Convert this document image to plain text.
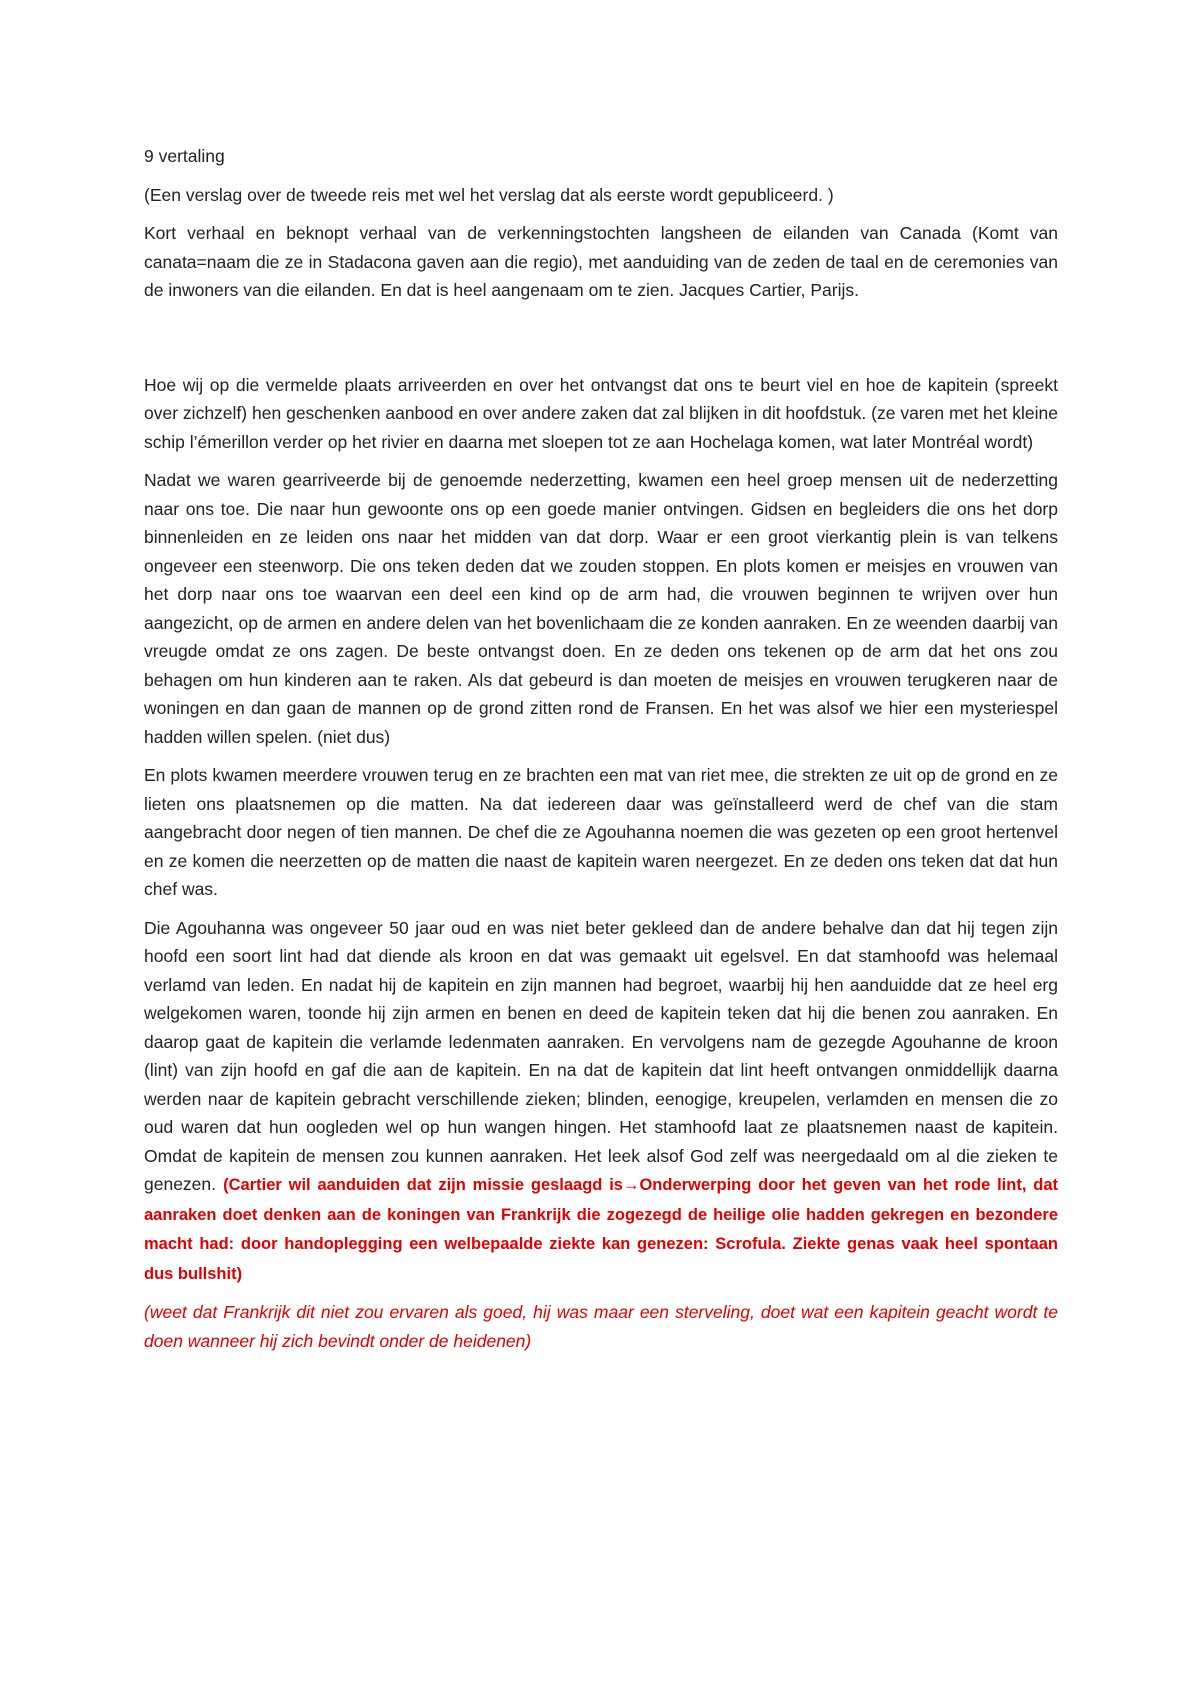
9 vertaling

(Een verslag over de tweede reis met wel het verslag dat als eerste wordt gepubliceerd. )

Kort verhaal en beknopt verhaal van de verkenningstochten langsheen de eilanden van Canada (Komt van canata=naam die ze in Stadacona gaven aan die regio), met aanduiding van de zeden de taal en de ceremonies van de inwoners van die eilanden. En dat is heel aangenaam om te zien. Jacques Cartier, Parijs.

Hoe wij op die vermelde plaats arriveerden en over het ontvangst dat ons te beurt viel en hoe de kapitein (spreekt over zichzelf) hen geschenken aanbood en over andere zaken dat zal blijken in dit hoofdstuk. (ze varen met het kleine schip l’émerillon verder op het rivier en daarna met sloepen tot ze aan Hochelaga komen, wat later Montréal wordt)

Nadat we waren gearriveerde bij de genoemde nederzetting, kwamen een heel groep mensen uit de nederzetting naar ons toe. Die naar hun gewoonte ons op een goede manier ontvingen. Gidsen en begleiders die ons het dorp binnenleiden en ze leiden ons naar het midden van dat dorp. Waar er een groot vierkantig plein is van telkens ongeveer een steenworp. Die ons teken deden dat we zouden stoppen. En plots komen er meisjes en vrouwen van het dorp naar ons toe waarvan een deel een kind op de arm had, die vrouwen beginnen te wrijven over hun aangezicht, op de armen en andere delen van het bovenlichaam die ze konden aanraken. En ze weenden daarbij van vreugde omdat ze ons zagen. De beste ontvangst doen. En ze deden ons tekenen op de arm dat het ons zou behagen om hun kinderen aan te raken. Als dat gebeurd is dan moeten de meisjes en vrouwen terugkeren naar de woningen en dan gaan de mannen op de grond zitten rond de Fransen. En het was alsof we hier een mysteriespel hadden willen spelen. (niet dus)

En plots kwamen meerdere vrouwen terug en ze brachten een mat van riet mee, die strekten ze uit op de grond en ze lieten ons plaatsnemen op die matten. Na dat iedereen daar was geïnstalleerd werd de chef van die stam aangebracht door negen of tien mannen. De chef die ze Agouhanna noemen die was gezeten op een groot hertenvel en ze komen die neerzetten op de matten die naast de kapitein waren neergezet. En ze deden ons teken dat dat hun chef was.

Die Agouhanna was ongeveer 50 jaar oud en was niet beter gekleed dan de andere behalve dan dat hij tegen zijn hoofd een soort lint had dat diende als kroon en dat was gemaakt uit egelsvel. En dat stamhoofd was helemaal verlamd van leden. En nadat hij de kapitein en zijn mannen had begroet, waarbij hij hen aanduidde dat ze heel erg welgekomen waren, toonde hij zijn armen en benen en deed de kapitein teken dat hij die benen zou aanraken. En daarop gaat de kapitein die verlamde ledenmaten aanraken. En vervolgens nam de gezegde Agouhanne de kroon (lint) van zijn hoofd en gaf die aan de kapitein. En na dat de kapitein dat lint heeft ontvangen onmiddellijk daarna werden naar de kapitein gebracht verschillende zieken; blinden, eenogige, kreupelen, verlamden en mensen die zo oud waren dat hun oogleden wel op hun wangen hingen. Het stamhoofd laat ze plaatsnemen naast de kapitein. Omdat de kapitein de mensen zou kunnen aanraken. Het leek alsof God zelf was neergedaald om al die zieken te genezen. (Cartier wil aanduiden dat zijn missie geslaagd is→Onderwerping door het geven van het rode lint, dat aanraken doet denken aan de koningen van Frankrijk die zogezegd de heilige olie hadden gekregen en bezondere macht had: door handoplegging een welbepaalde ziekte kan genezen: Scrofula. Ziekte genas vaak heel spontaan dus bullshit)

(weet dat Frankrijk dit niet zou ervaren als goed, hij was maar een sterveling, doet wat een kapitein geacht wordt te doen wanneer hij zich bevindt onder de heidenen)
